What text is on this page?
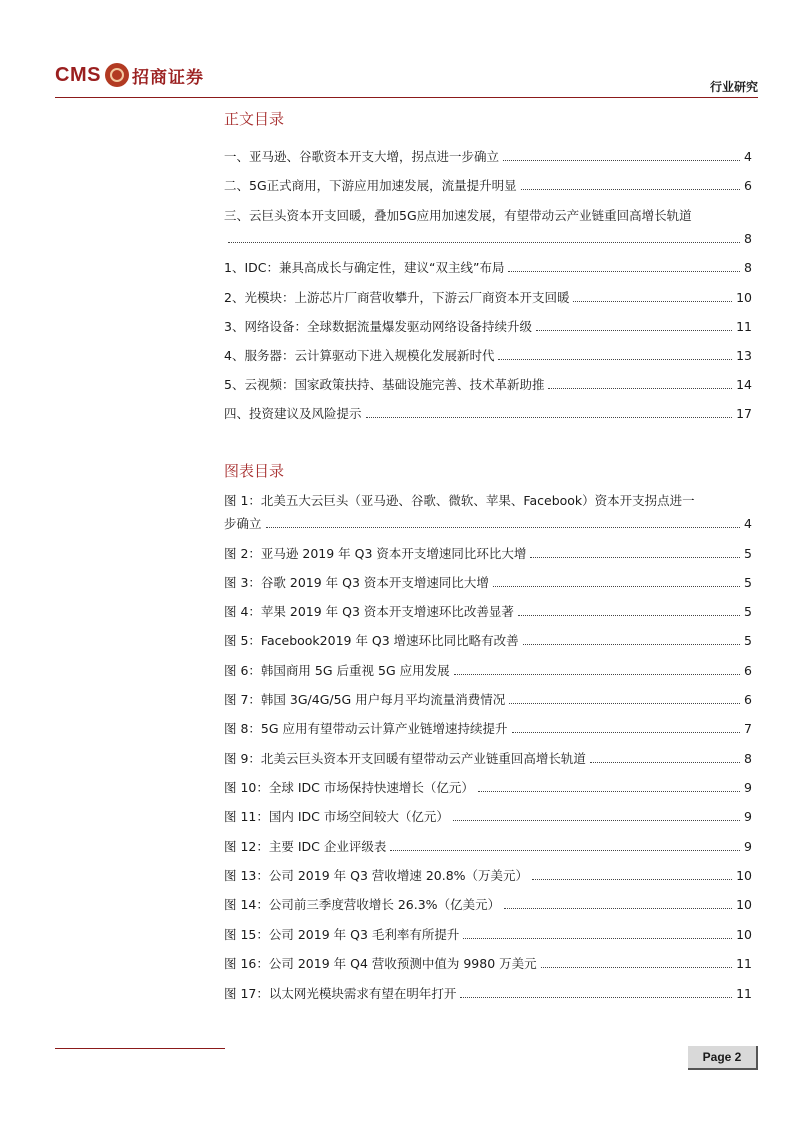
CMS 招商证券	行业研究
正文目录
一、亚马逊、谷歌资本开支大增，拐点进一步确立	4
二、5G正式商用，下游应用加速发展，流量提升明显	6
三、云巨头资本开支回暖，叠加5G应用加速发展，有望带动云产业链重回高增长轨道
8
1、IDC：兼具高成长与确定性，建议“双主线”布局	8
2、光模块：上游芯片厂商营收攀升，下游云厂商资本开支回暖	10
3、网络设备：全球数据流量爆发驱动网络设备持续升级	11
4、服务器：云计算驱动下进入规模化发展新时代	13
5、云视频：国家政策扶持、基础设施完善、技术革新助推	14
四、投资建议及风险提示	17
图表目录
图 1：北美五大云巨头（亚马逊、谷歌、微软、苹果、Facebook）资本开支拐点进一
步确立	4
图 2：亚马逊 2019 年 Q3 资本开支增速同比环比大增	5
图 3：谷歌 2019 年 Q3 资本开支增速同比大增	5
图 4：苹果 2019 年 Q3 资本开支增速环比改善显著	5
图 5：Facebook2019 年 Q3 增速环比同比略有改善	5
图 6：韩国商用 5G 后重视 5G 应用发展	6
图 7：韩国 3G/4G/5G 用户每月平均流量消费情况	6
图 8：5G 应用有望带动云计算产业链增速持续提升	7
图 9：北美云巨头资本开支回暖有望带动云产业链重回高增长轨道	8
图 10：全球 IDC 市场保持快速增长（亿元）	9
图 11：国内 IDC 市场空间较大（亿元）	9
图 12：主要 IDC 企业评级表	9
图 13：公司 2019 年 Q3 营收增速 20.8%（万美元）	10
图 14：公司前三季度营收增长 26.3%（亿美元）	10
图 15：公司 2019 年 Q3 毛利率有所提升	10
图 16：公司 2019 年 Q4 营收预测中值为 9980 万美元	11
图 17：以太网光模块需求有望在明年打开	11
Page 2
